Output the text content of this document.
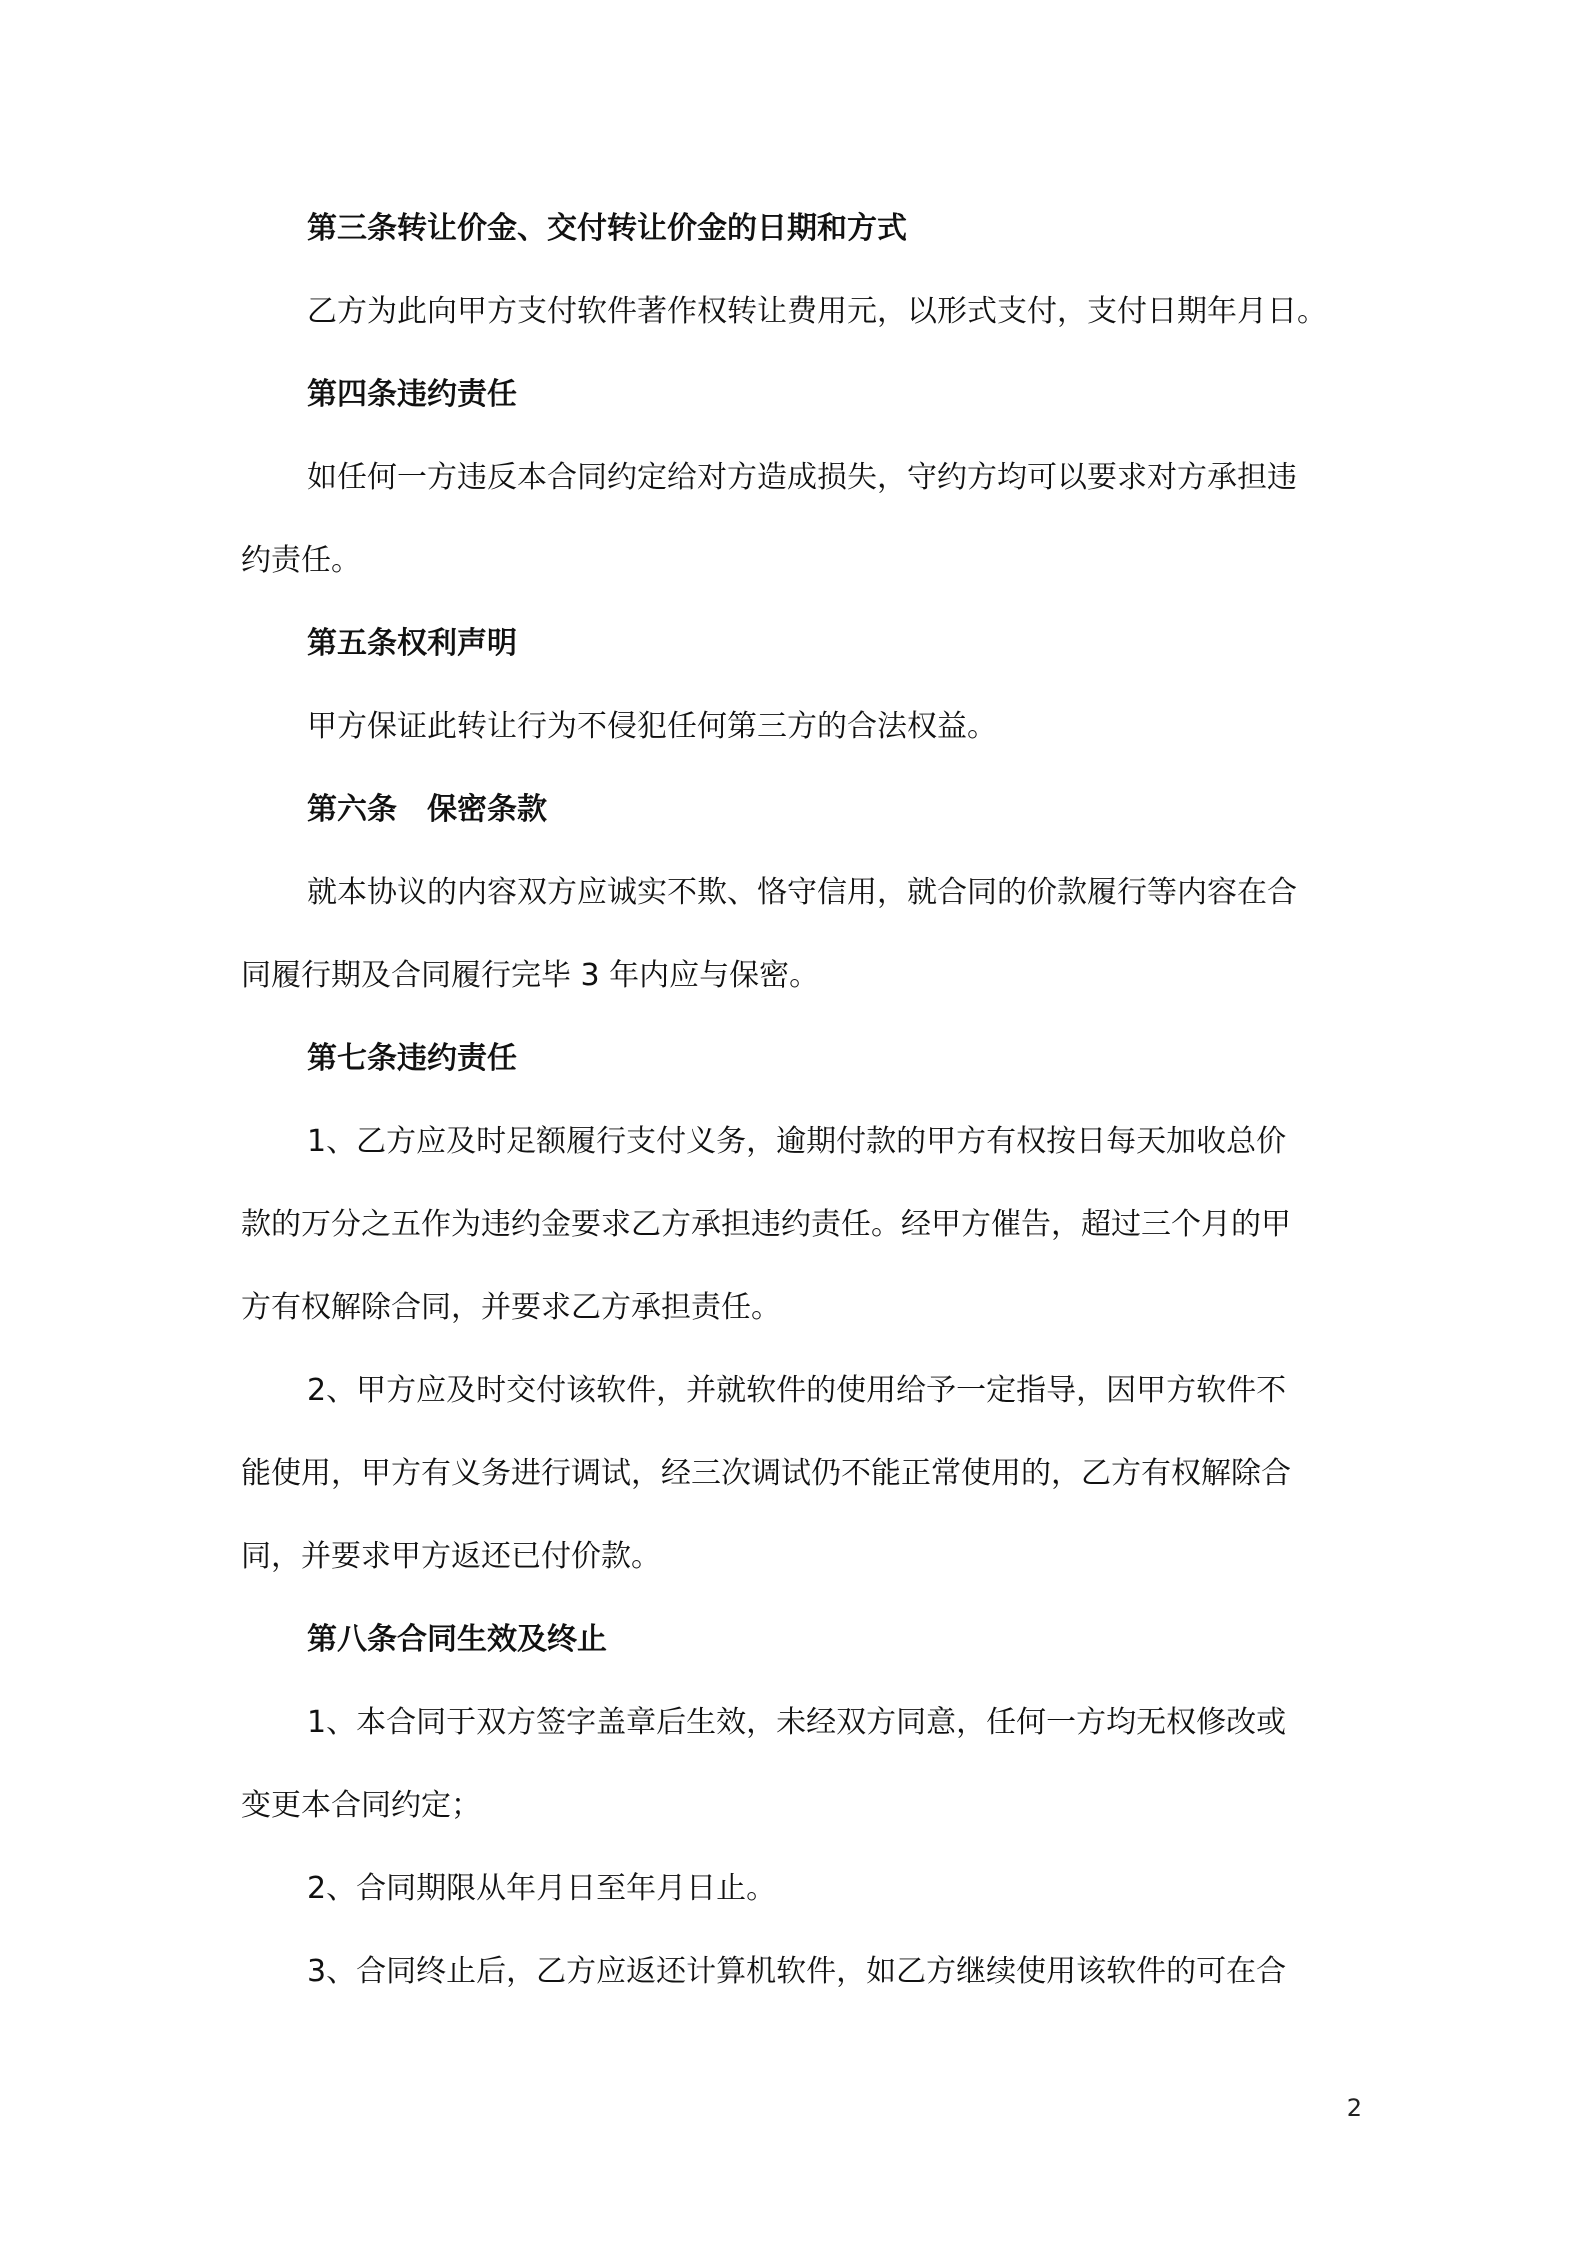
第三条转让价金、交付转让价金的日期和方式
乙方为此向甲方支付软件著作权转让费用元，以形式支付，支付日期年月日。
第四条违约责任
如任何一方违反本合同约定给对方造成损失，守约方均可以要求对方承担违
约责任。
第五条权利声明
甲方保证此转让行为不侵犯任何第三方的合法权益。
第六条　保密条款
就本协议的内容双方应诚实不欺、恪守信用，就合同的价款履行等内容在合
同履行期及合同履行完毕 3 年内应与保密。
第七条违约责任
1、乙方应及时足额履行支付义务，逾期付款的甲方有权按日每天加收总价
款的万分之五作为违约金要求乙方承担违约责任。经甲方催告，超过三个月的甲
方有权解除合同，并要求乙方承担责任。
2、甲方应及时交付该软件，并就软件的使用给予一定指导，因甲方软件不
能使用，甲方有义务进行调试，经三次调试仍不能正常使用的，乙方有权解除合
同，并要求甲方返还已付价款。
第八条合同生效及终止
1、本合同于双方签字盖章后生效，未经双方同意，任何一方均无权修改或
变更本合同约定；
2、合同期限从年月日至年月日止。
3、合同终止后，乙方应返还计算机软件，如乙方继续使用该软件的可在合
2
